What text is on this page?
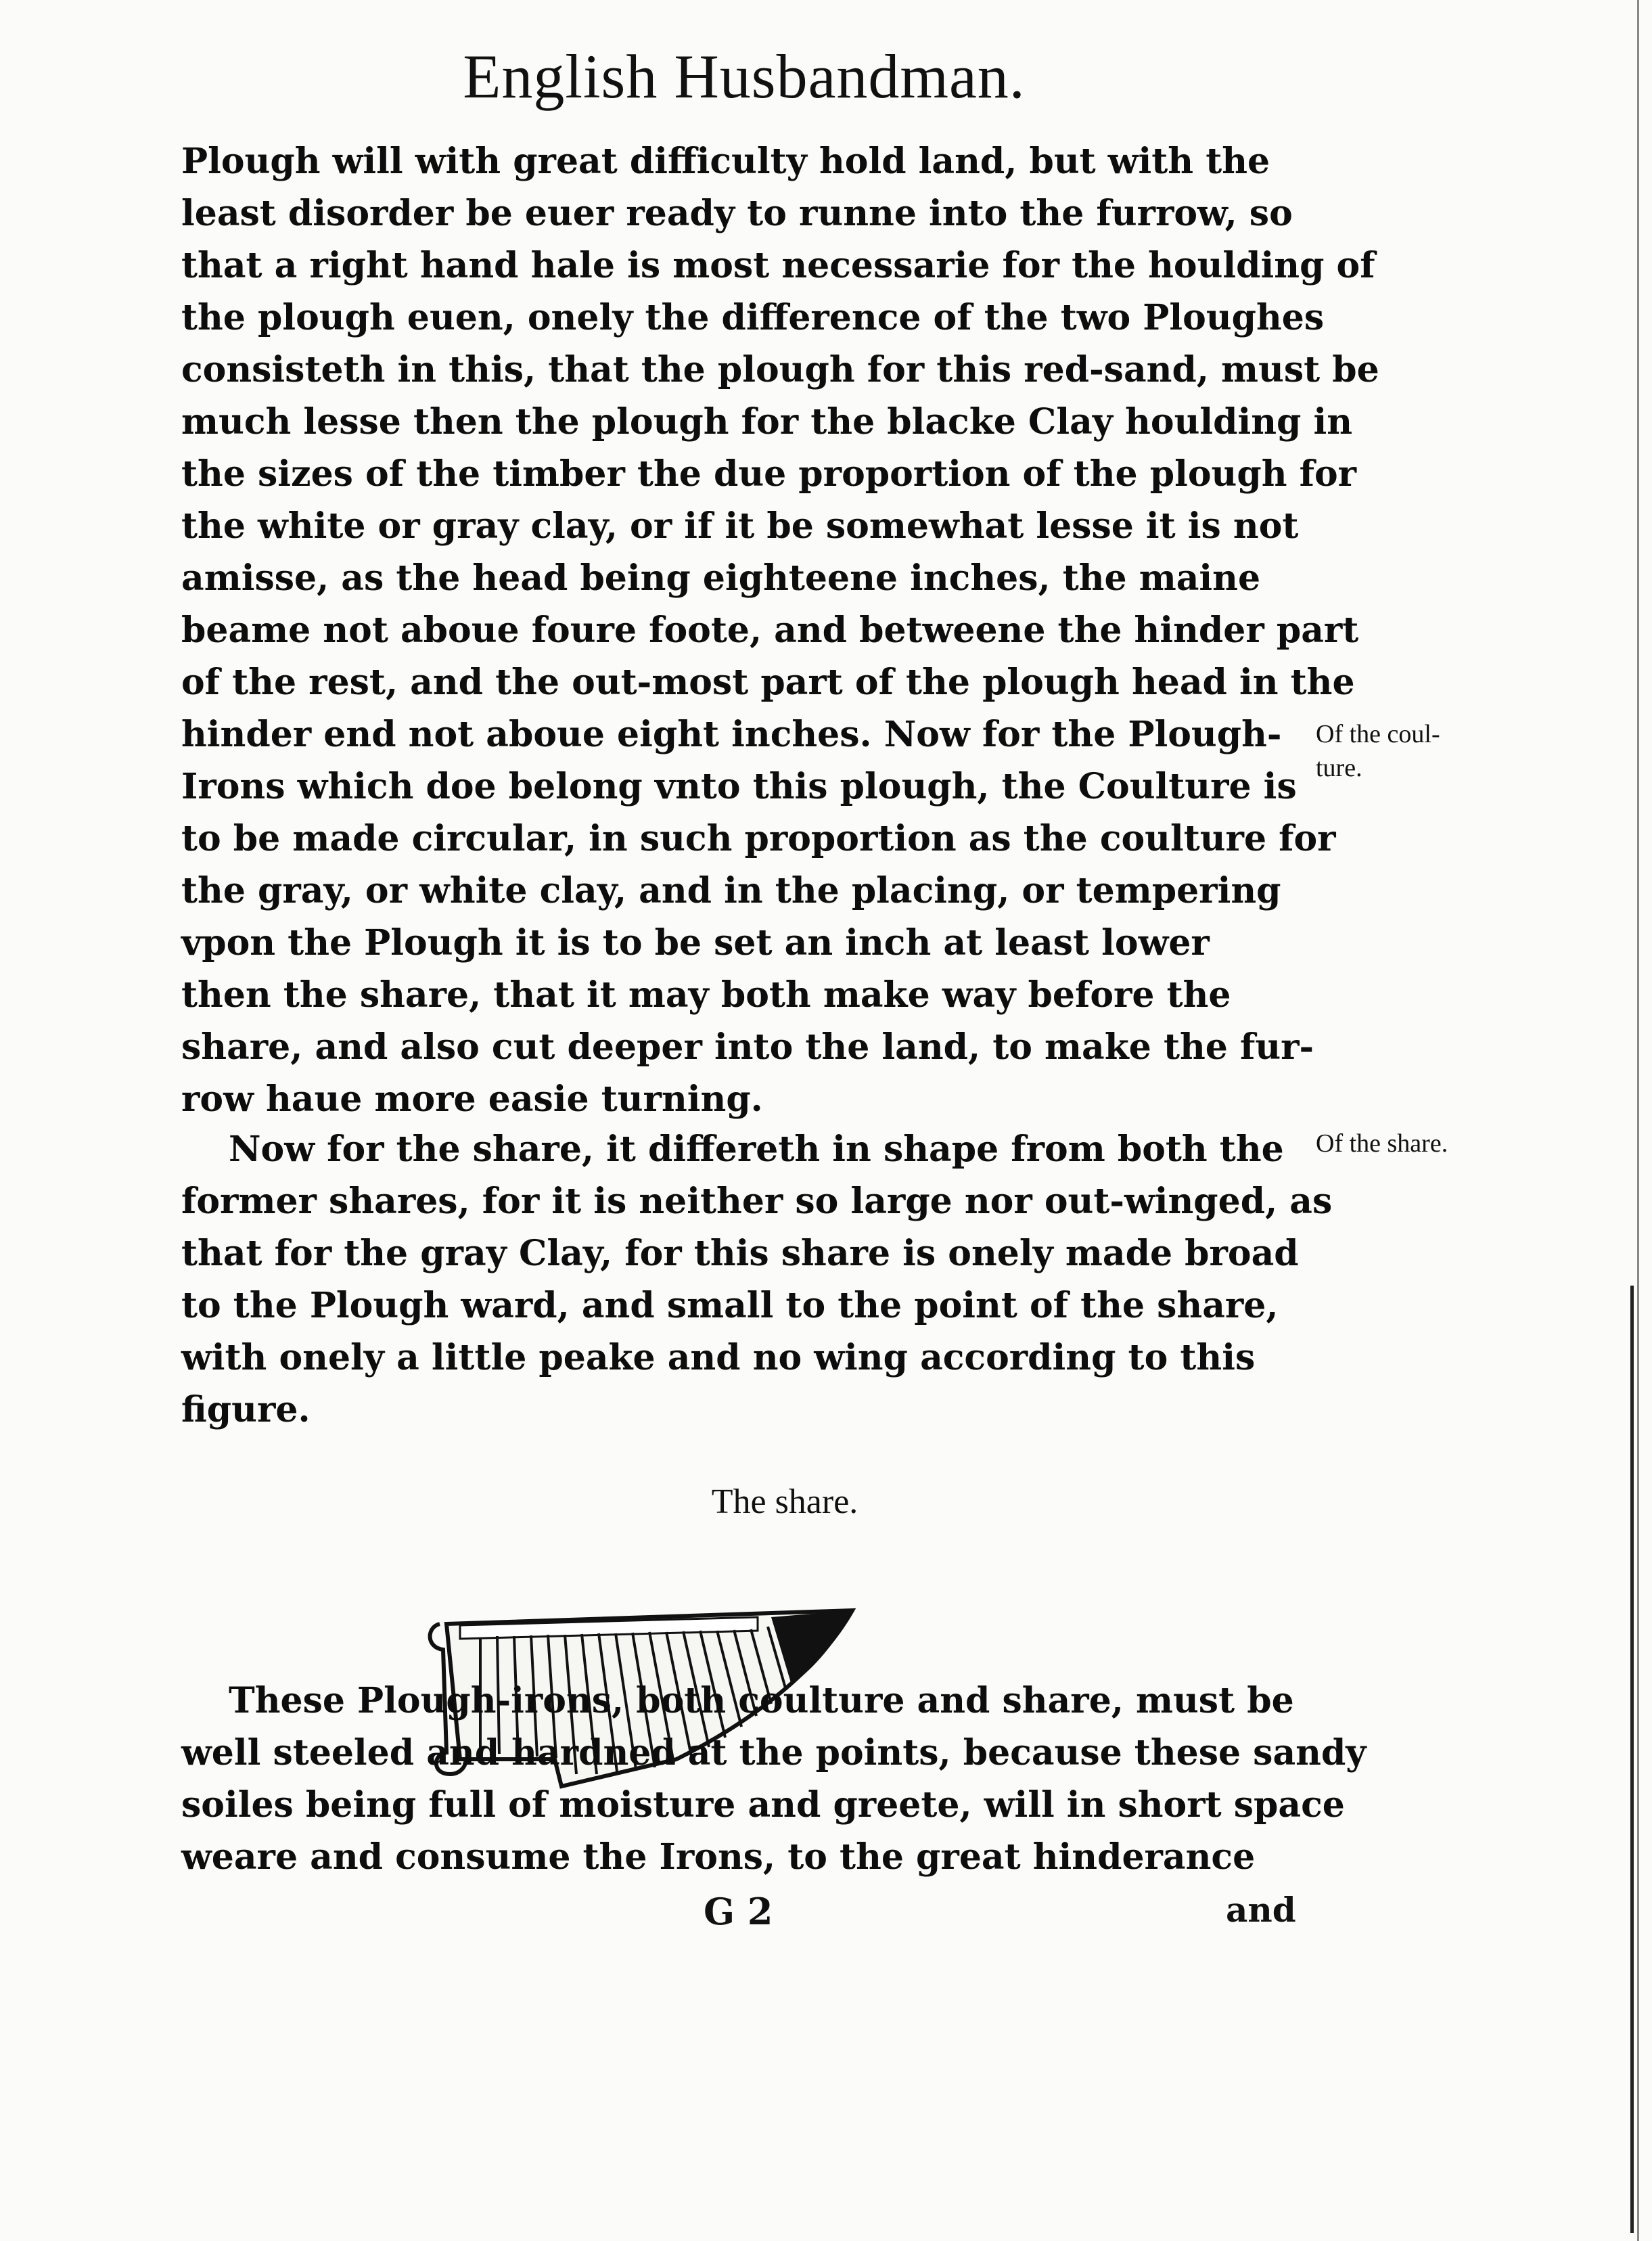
English Husbandman.
Plough will with great difficulty hold land, but with the
least disorder be euer ready to runne into the furrow, so
that a right hand hale is most necessarie for the houlding of
the plough euen, onely the difference of the two Ploughes
consisteth in this, that the plough for this red-sand, must be
much lesse then the plough for the blacke Clay houlding in
the sizes of the timber the due proportion of the plough for
the white or gray clay, or if it be somewhat lesse it is not
amisse, as the head being eighteene inches, the maine
beame not aboue foure foote, and betweene the hinder part
of the rest, and the out-most part of the plough head in the
hinder end not aboue eight inches. Now for the Plough-
Irons which doe belong vnto this plough, the Coulture is
to be made circular, in such proportion as the coulture for
the gray, or white clay, and in the placing, or tempering
vpon the Plough it is to be set an inch at least lower
then the share, that it may both make way before the
share, and also cut deeper into the land, to make the fur-
row haue more easie turning.
Of the coul-
ture.
Now for the share, it differeth in shape from both the
former shares, for it is neither so large nor out-winged, as
that for the gray Clay, for this share is onely made broad
to the Plough ward, and small to the point of the share,
with onely a little peake and no wing according to this
figure.
Of the share.
The share.
These Plough-irons, both coulture and share, must be
well steeled and hardned at the points, because these sandy
soiles being full of moisture and greete, will in short space
weare and consume the Irons, to the great hinderance
G 2	and
